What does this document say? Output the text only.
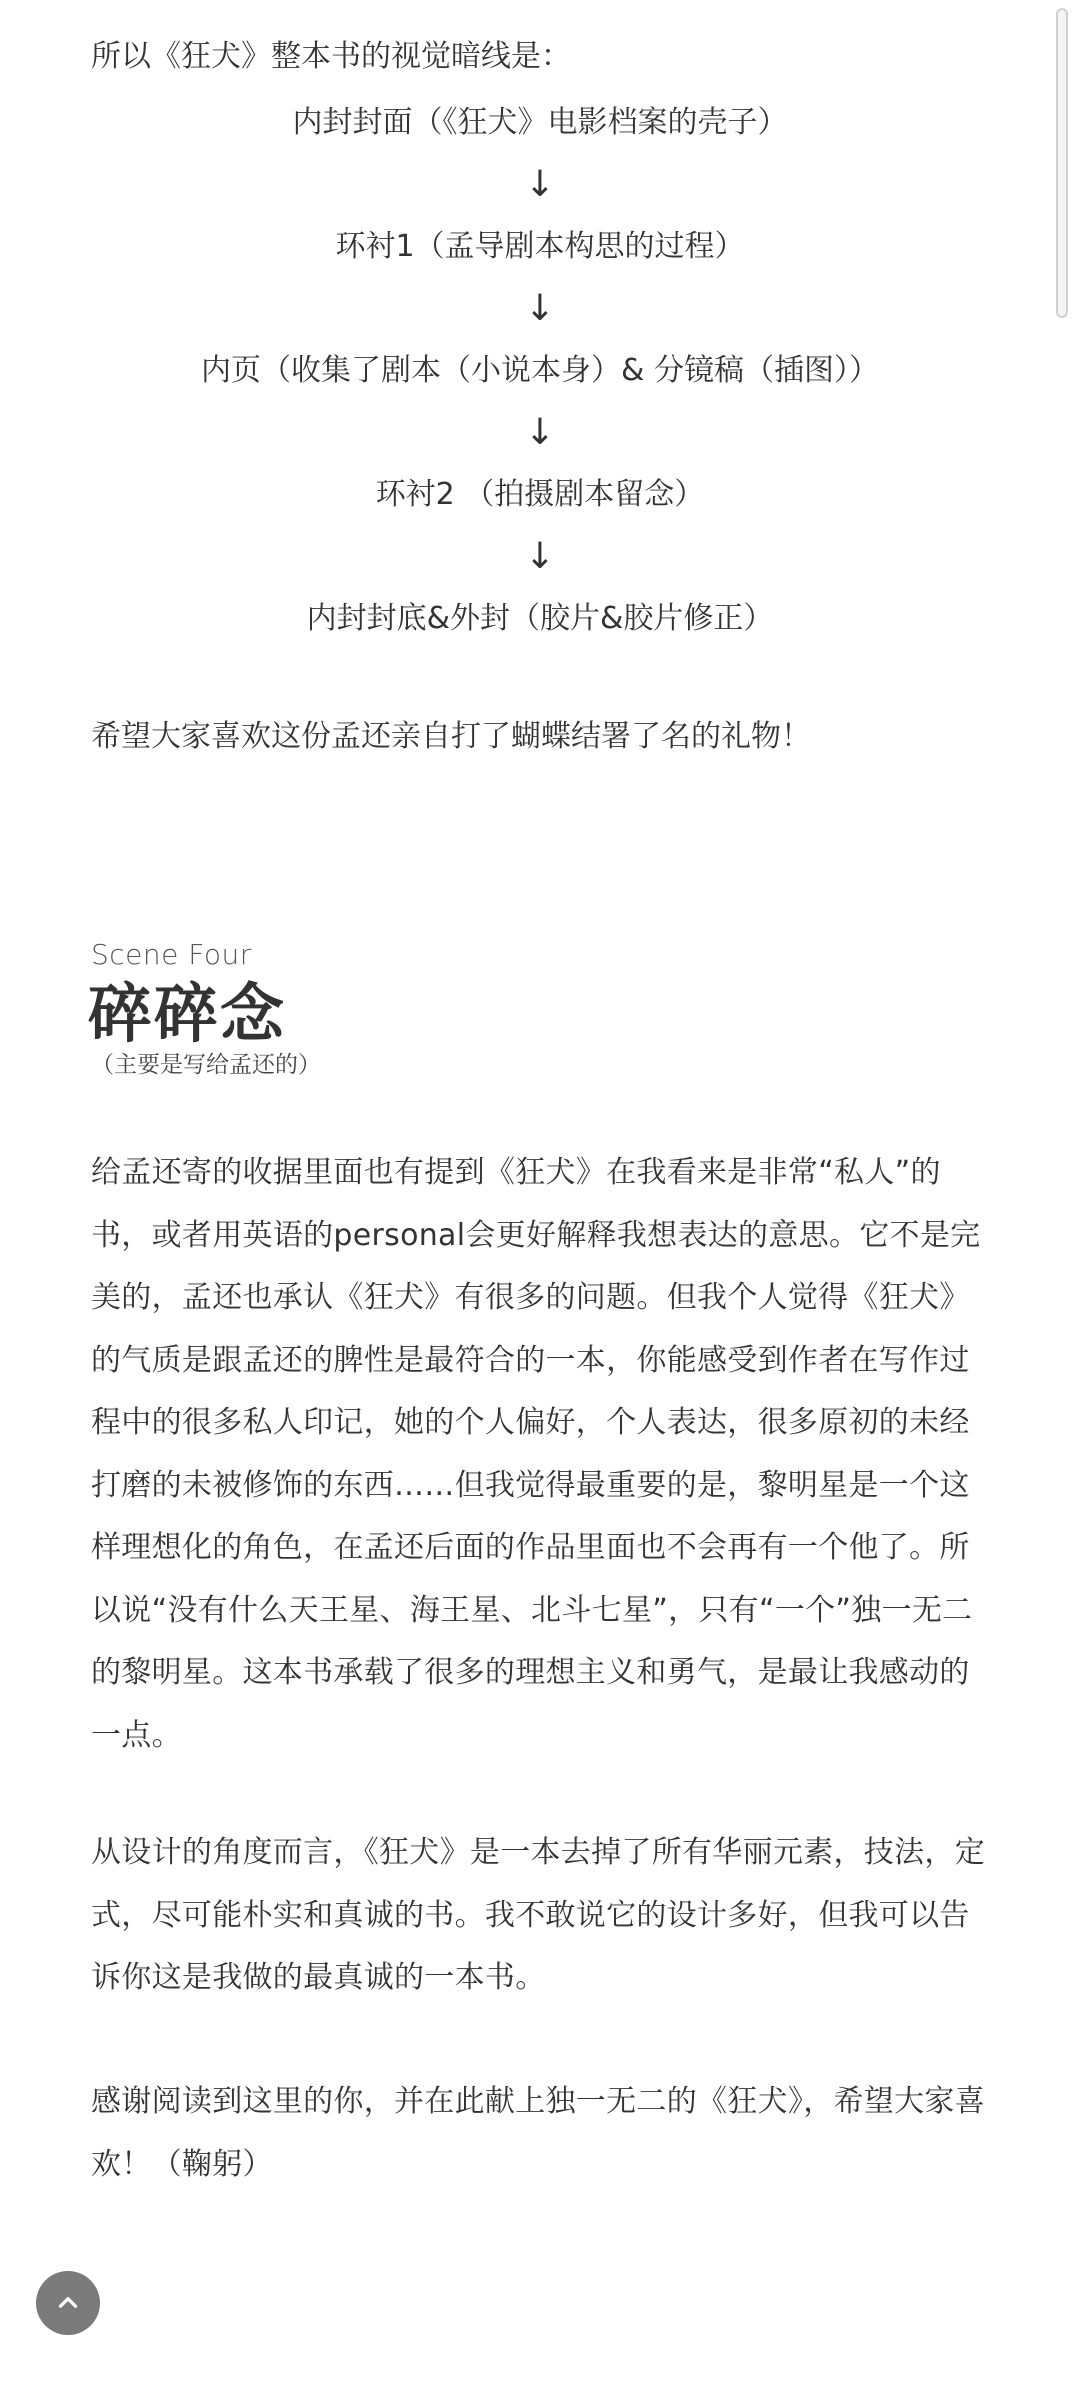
所以《狂犬》整本书的视觉暗线是：
内封封面（《狂犬》电影档案的壳子）
↓
环衬1（孟导剧本构思的过程）
↓
内页（收集了剧本（小说本身）& 分镜稿（插图））
↓
环衬2 （拍摄剧本留念）
↓
内封封底&外封（胶片&胶片修正）
希望大家喜欢这份孟还亲自打了蝴蝶结署了名的礼物！
Scene Four
碎碎念
（主要是写给孟还的）
给孟还寄的收据里面也有提到《狂犬》在我看来是非常“私人”的书，或者用英语的personal会更好解释我想表达的意思。它不是完美的，孟还也承认《狂犬》有很多的问题。但我个人觉得《狂犬》的气质是跟孟还的脾性是最符合的一本，你能感受到作者在写作过程中的很多私人印记，她的个人偏好，个人表达，很多原初的未经打磨的未被修饰的东西……但我觉得最重要的是，黎明星是一个这样理想化的角色，在孟还后面的作品里面也不会再有一个他了。所以说“没有什么天王星、海王星、北斗七星”，只有“一个”独一无二的黎明星。这本书承载了很多的理想主义和勇气，是最让我感动的一点。
从设计的角度而言，《狂犬》是一本去掉了所有华丽元素，技法，定式，尽可能朴实和真诚的书。我不敢说它的设计多好，但我可以告诉你这是我做的最真诚的一本书。
感谢阅读到这里的你，并在此献上独一无二的《狂犬》，希望大家喜欢！（鞠躬）
